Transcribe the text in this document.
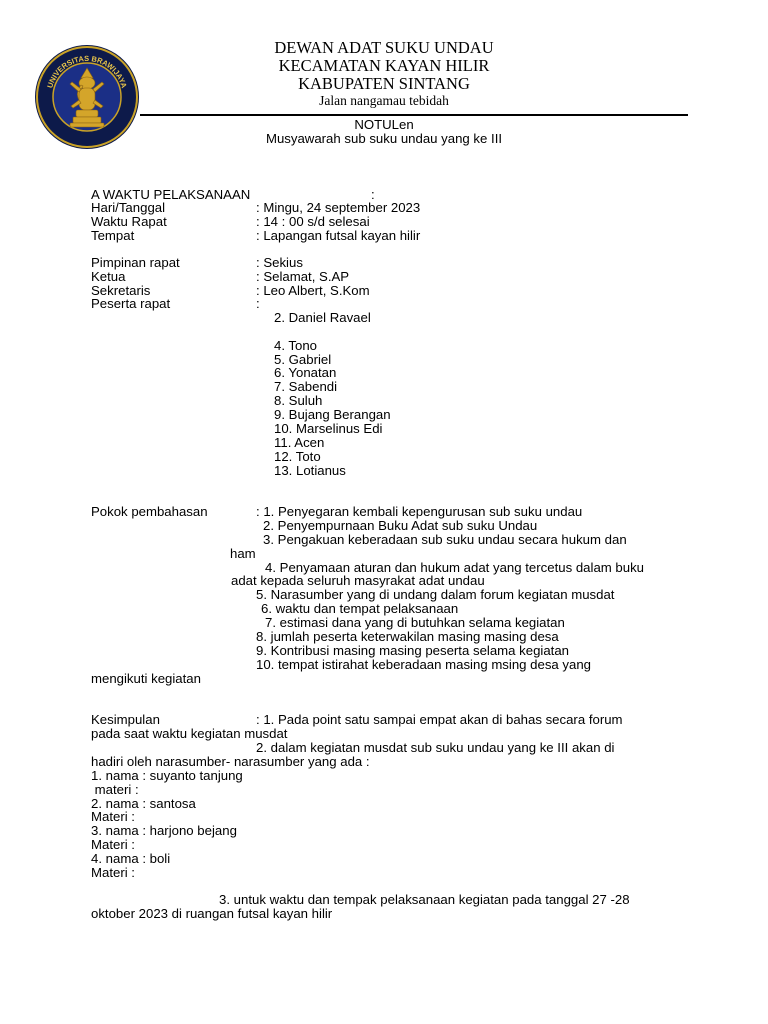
UNIVERSITAS BRAWIJAYA
DEWAN ADAT SUKU UNDAU
KECAMATAN KAYAN HILIR
KABUPATEN SINTANG
Jalan nangamau tebidah
NOTULen
Musyawarah sub suku undau yang ke III
A WAKTU PELAKSANAAN	:
Hari/Tanggal	: Mingu, 24 september 2023
Waktu Rapat	: 14 : 00 s/d selesai
Tempat	: Lapangan futsal kayan hilir
Pimpinan rapat	: Sekius
Ketua	: Selamat, S.AP
Sekretaris	: Leo Albert, S.Kom
Peserta rapat	:
2. Daniel Ravael
4. Tono
5. Gabriel
6. Yonatan
7. Sabendi
8. Suluh
9. Bujang Berangan
10. Marselinus Edi
11. Acen
12. Toto
13. Lotianus
Pokok pembahasan	: 1. Penyegaran kembali kepengurusan sub suku undau
2. Penyempurnaan Buku Adat sub suku Undau
3. Pengakuan keberadaan sub suku undau secara hukum dan
ham
4. Penyamaan aturan dan hukum adat yang tercetus dalam buku
adat kepada seluruh masyrakat adat undau
5. Narasumber yang di undang dalam forum kegiatan musdat
6. waktu dan tempat pelaksanaan
7. estimasi dana yang di butuhkan selama kegiatan
8. jumlah peserta keterwakilan masing masing desa
9. Kontribusi masing masing peserta selama kegiatan
10. tempat istirahat keberadaan masing msing desa yang
mengikuti kegiatan
Kesimpulan	: 1. Pada point satu sampai empat akan di bahas secara forum
pada saat waktu kegiatan musdat
2. dalam kegiatan musdat sub suku undau yang ke III akan di
hadiri oleh narasumber- narasumber yang ada :
1. nama : suyanto tanjung
materi :
2. nama : santosa
Materi :
3. nama : harjono bejang
Materi :
4. nama : boli
Materi :
3. untuk waktu dan tempak pelaksanaan kegiatan pada tanggal 27 -28
oktober 2023 di ruangan futsal kayan hilir
